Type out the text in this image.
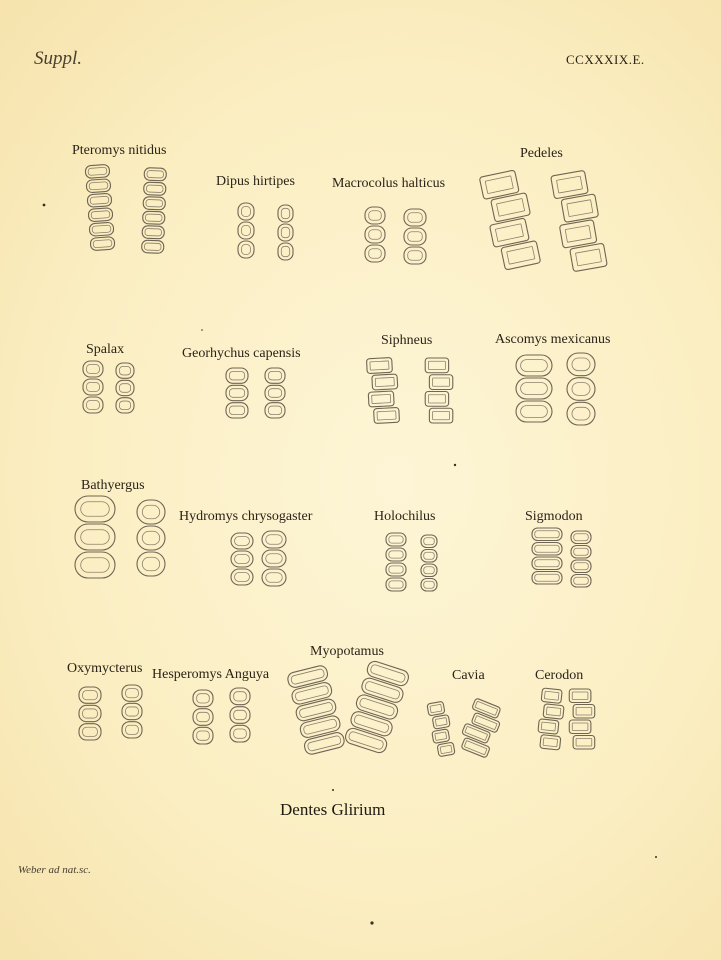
Suppl.	CCXXXIX.E.
Pteromys nitidus
Dipus hirtipes	Macrocolus halticus
Pedeles
Spalax	Georhychus capensis
Siphneus	Ascomys mexicanus
Bathyergus
Hydromys chrysogaster	Holochilus	Sigmodon
Myopotamus
Oxymycterus Hesperomys Anguya	Cavia	Cerodon
Dentes Glirium
Weber ad nat.sc.
